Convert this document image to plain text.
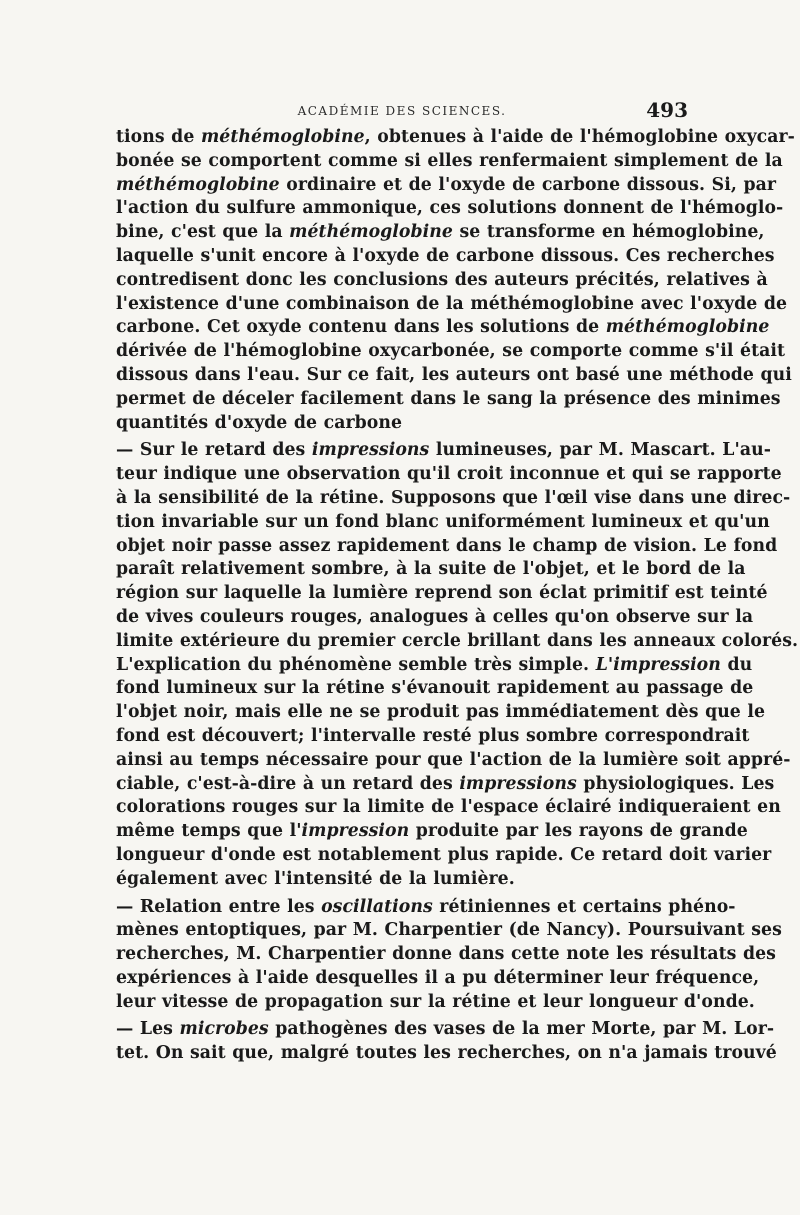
ACADÉMIE DES SCIENCES.	493
tions de méthémoglobine, obtenues à l'aide de l'hémoglobine oxycar-
bonée se comportent comme si elles renfermaient simplement de la
méthémoglobine ordinaire et de l'oxyde de carbone dissous. Si, par
l'action du sulfure ammonique, ces solutions donnent de l'hémoglo-
bine, c'est que la méthémoglobine se transforme en hémoglobine,
laquelle s'unit encore à l'oxyde de carbone dissous. Ces recherches
contredisent donc les conclusions des auteurs précités, relatives à
l'existence d'une combinaison de la méthémoglobine avec l'oxyde de
carbone. Cet oxyde contenu dans les solutions de méthémoglobine
dérivée de l'hémoglobine oxycarbonée, se comporte comme s'il était
dissous dans l'eau. Sur ce fait, les auteurs ont basé une méthode qui
permet de déceler facilement dans le sang la présence des minimes
quantités d'oxyde de carbone
— Sur le retard des impressions lumineuses, par M. Mascart. L'au-
teur indique une observation qu'il croit inconnue et qui se rapporte
à la sensibilité de la rétine. Supposons que l'œil vise dans une direc-
tion invariable sur un fond blanc uniformément lumineux et qu'un
objet noir passe assez rapidement dans le champ de vision. Le fond
paraît relativement sombre, à la suite de l'objet, et le bord de la
région sur laquelle la lumière reprend son éclat primitif est teinté
de vives couleurs rouges, analogues à celles qu'on observe sur la
limite extérieure du premier cercle brillant dans les anneaux colorés.
L'explication du phénomène semble très simple. L'impression du
fond lumineux sur la rétine s'évanouit rapidement au passage de
l'objet noir, mais elle ne se produit pas immédiatement dès que le
fond est découvert; l'intervalle resté plus sombre correspondrait
ainsi au temps nécessaire pour que l'action de la lumière soit appré-
ciable, c'est-à-dire à un retard des impressions physiologiques. Les
colorations rouges sur la limite de l'espace éclairé indiqueraient en
même temps que l'impression produite par les rayons de grande
longueur d'onde est notablement plus rapide. Ce retard doit varier
également avec l'intensité de la lumière.
— Relation entre les oscillations rétiniennes et certains phéno-
mènes entoptiques, par M. Charpentier (de Nancy). Poursuivant ses
recherches, M. Charpentier donne dans cette note les résultats des
expériences à l'aide desquelles il a pu déterminer leur fréquence,
leur vitesse de propagation sur la rétine et leur longueur d'onde.
— Les microbes pathogènes des vases de la mer Morte, par M. Lor-
tet. On sait que, malgré toutes les recherches, on n'a jamais trouvé
